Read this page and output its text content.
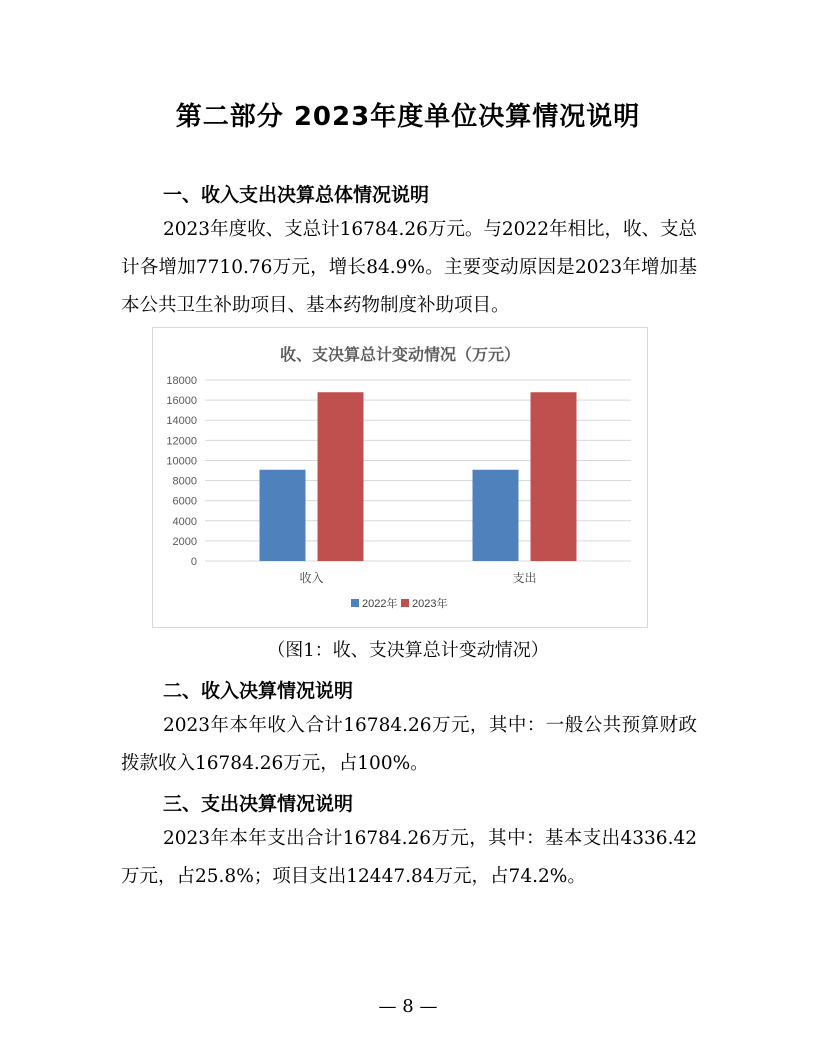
第二部分 2023年度单位决算情况说明
一、收入支出决算总体情况说明
2023年度收、支总计16784.26万元。与2022年相比，收、支总计各增加7710.76万元，增长84.9%。主要变动原因是2023年增加基本公共卫生补助项目、基本药物制度补助项目。
收、支决算总计变动情况（万元）
0
2000
4000
6000
8000
10000
12000
14000
16000
18000
收入	支出
2022年 2023年
（图1：收、支决算总计变动情况）
二、收入决算情况说明
2023年本年收入合计16784.26万元，其中：一般公共预算财政拨款收入16784.26万元，占100%。
三、支出决算情况说明
2023年本年支出合计16784.26万元，其中：基本支出4336.42万元，占25.8%；项目支出12447.84万元，占74.2%。
— 8 —
